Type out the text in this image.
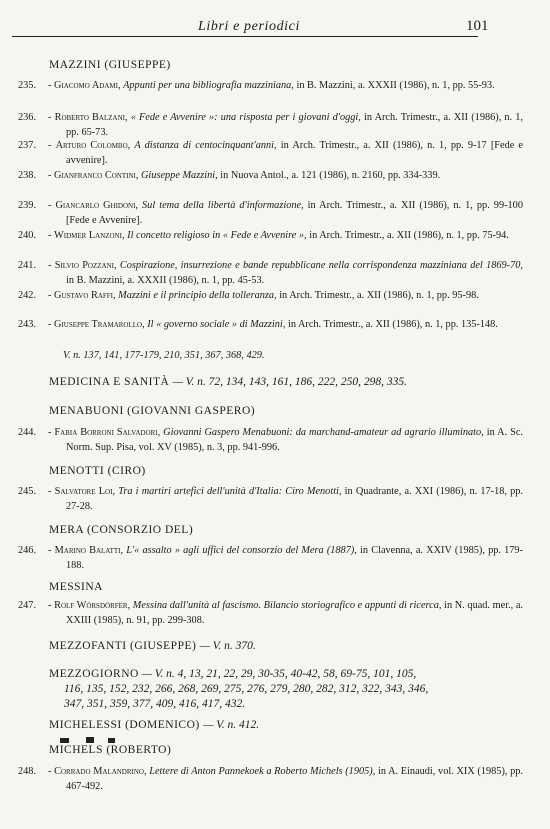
Libri e periodici	101
MAZZINI (GIUSEPPE)
235.	- Giacomo Adami, Appunti per una bibliografia mazziniana, in B. Mazzini, a. XXXII (1986), n. 1, pp. 55-93.
236.	- Roberto Balzani, « Fede e Avvenire »: una risposta per i giovani d'oggi, in Arch. Trimestr., a. XII (1986), n. 1, pp. 65-73.
237.	- Arturo Colombo, A distanza di centocinquant'anni, in Arch. Trimestr., a. XII (1986), n. 1, pp. 9-17 [Fede e avvenire].
238.	- Gianfranco Contini, Giuseppe Mazzini, in Nuova Antol., a. 121 (1986), n. 2160, pp. 334-339.
239.	- Giancarlo Ghidoni, Sul tema della libertà d'informazione, in Arch. Trimestr., a. XII (1986), n. 1, pp. 99-100 [Fede e Avvenire].
240.	- Widmer Lanzoni, Il concetto religioso in « Fede e Avvenire », in Arch. Trimestr., a. XII (1986), n. 1, pp. 75-94.
241.	- Silvio Pozzani, Cospirazione, insurrezione e bande repubblicane nella corrispondenza mazziniana del 1869-70, in B. Mazzini, a. XXXII (1986), n. 1, pp. 45-53.
242.	- Gustavo Raffi, Mazzini e il principio della tolleranza, in Arch. Trimestr., a. XII (1986), n. 1, pp. 95-98.
243.	- Giuseppe Tramarollo, Il « governo sociale » di Mazzini, in Arch. Trimestr., a. XII (1986), n. 1, pp. 135-148.
V. n. 137, 141, 177-179, 210, 351, 367, 368, 429.
MEDICINA E SANITÀ — V. n. 72, 134, 143, 161, 186, 222, 250, 298, 335.
MENABUONI (GIOVANNI GASPERO)
244.	- Fabia Borroni Salvadori, Giovanni Gaspero Menabuoni: da marchand-amateur ad agrario illuminato, in A. Sc. Norm. Sup. Pisa, vol. XV (1985), n. 3, pp. 941-996.
MENOTTI (CIRO)
245.	- Salvatore Loi, Tra i martiri artefici dell'unità d'Italia: Ciro Menotti, in Quadrante, a. XXI (1986), n. 17-18, pp. 27-28.
MERA (CONSORZIO DEL)
246.	- Marino Balatti, L'« assalto » agli uffici del consorzio del Mera (1887), in Clavenna, a. XXIV (1985), pp. 179-188.
MESSINA
247.	- Rolf Wörsdörfer, Messina dall'unità al fascismo. Bilancio storiografico e appunti di ricerca, in N. quad. mer., a. XXIII (1985), n. 91, pp. 299-308.
MEZZOFANTI (GIUSEPPE) — V. n. 370.
MEZZOGIORNO — V. n. 4, 13, 21, 22, 29, 30-35, 40-42, 58, 69-75, 101, 105,
116, 135, 152, 232, 266, 268, 269, 275, 276, 279, 280, 282, 312, 322, 343, 346,
347, 351, 359, 377, 409, 416, 417, 432.
MICHELESSI (DOMENICO) — V. n. 412.
MICHELS (ROBERTO)
248.	- Corrado Malandrino, Lettere di Anton Pannekoek a Roberto Michels (1905), in A. Einaudi, vol. XIX (1985), pp. 467-492.
